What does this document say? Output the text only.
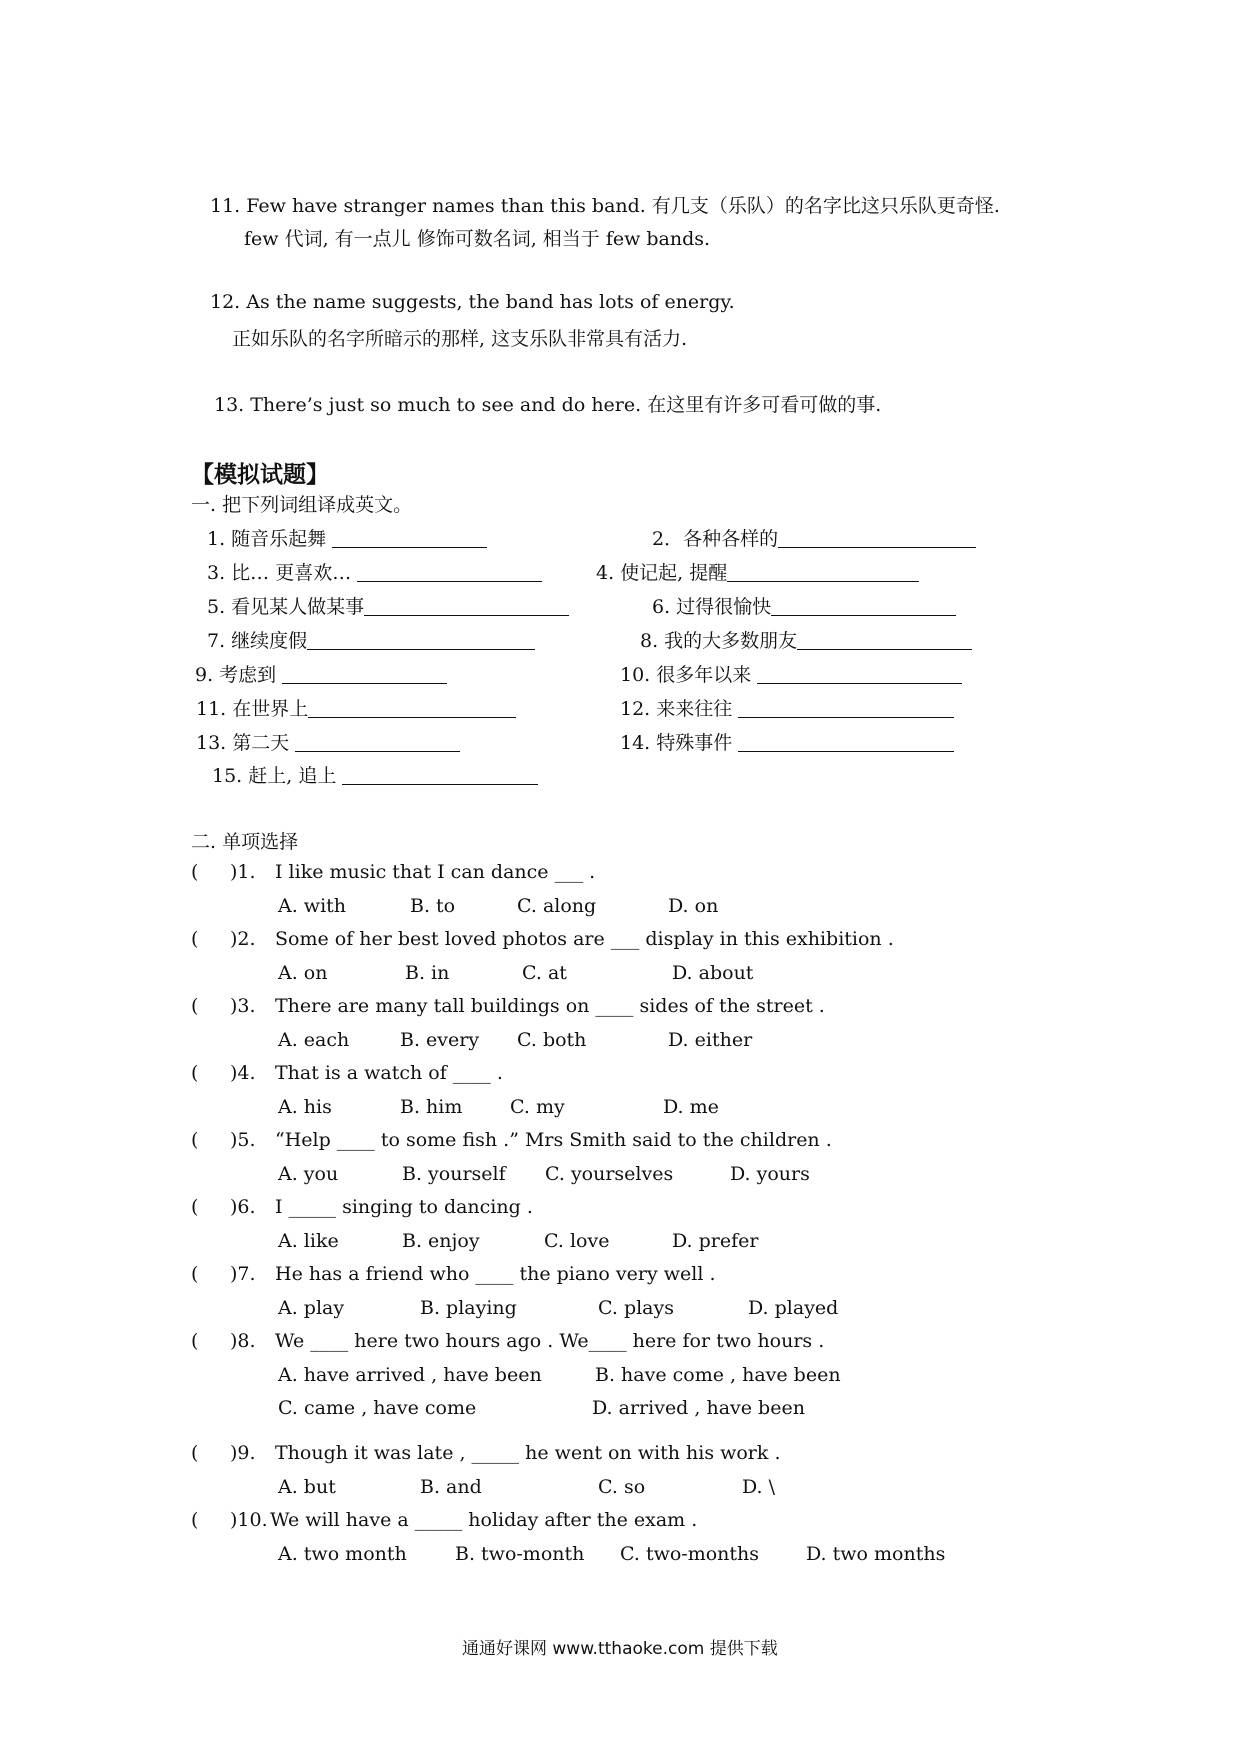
11. Few have stranger names than this band. 有几支（乐队）的名字比这只乐队更奇怪.
few 代词, 有一点儿 修饰可数名词, 相当于 few bands.
12. As the name suggests, the band has lots of energy.
正如乐队的名字所暗示的那样, 这支乐队非常具有活力.
13. There’s just so much to see and do here. 在这里有许多可看可做的事.
【模拟试题】
一. 把下列词组译成英文。
1. 随音乐起舞	2．各种各样的
3. 比… 更喜欢…	4. 使记起, 提醒
5. 看见某人做某事	6. 过得很愉快
7. 继续度假	8. 我的大多数朋友
9. 考虑到	10. 很多年以来
11. 在世界上	12. 来来往往
13. 第二天	14. 特殊事件
15. 赶上, 追上
二. 单项选择
( )1. I like music that I can dance ___ .
A. with	B. to	C. along	D. on
( )2. Some of her best loved photos are ___ display in this exhibition .
A. on	B. in	C. at	D. about
( )3. There are many tall buildings on ____ sides of the street .
A. each	B. every C. both	D. either
( )4. That is a watch of ____ .
A. his	B. him	C. my	D. me
( )5. “Help ____ to some fish .” Mrs Smith said to the children .
A. you	B. yourself C. yourselves	D. yours
( )6. I _____ singing to dancing .
A. like	B. enjoy	C. love	D. prefer
( )7. He has a friend who ____ the piano very well .
A. play	B. playing	C. plays	D. played
( )8. We ____ here two hours ago . We____ here for two hours .
A. have arrived , have been	B. have come , have been
C. came , have come	D. arrived , have been
( )9. Though it was late , _____ he went on with his work .
A. but	B. and	C. so	D. \
( )10. We will have a _____ holiday after the exam .
A. two month	B. two-month C. two-months D. two months
通通好课网 www.tthaoke.com 提供下载
